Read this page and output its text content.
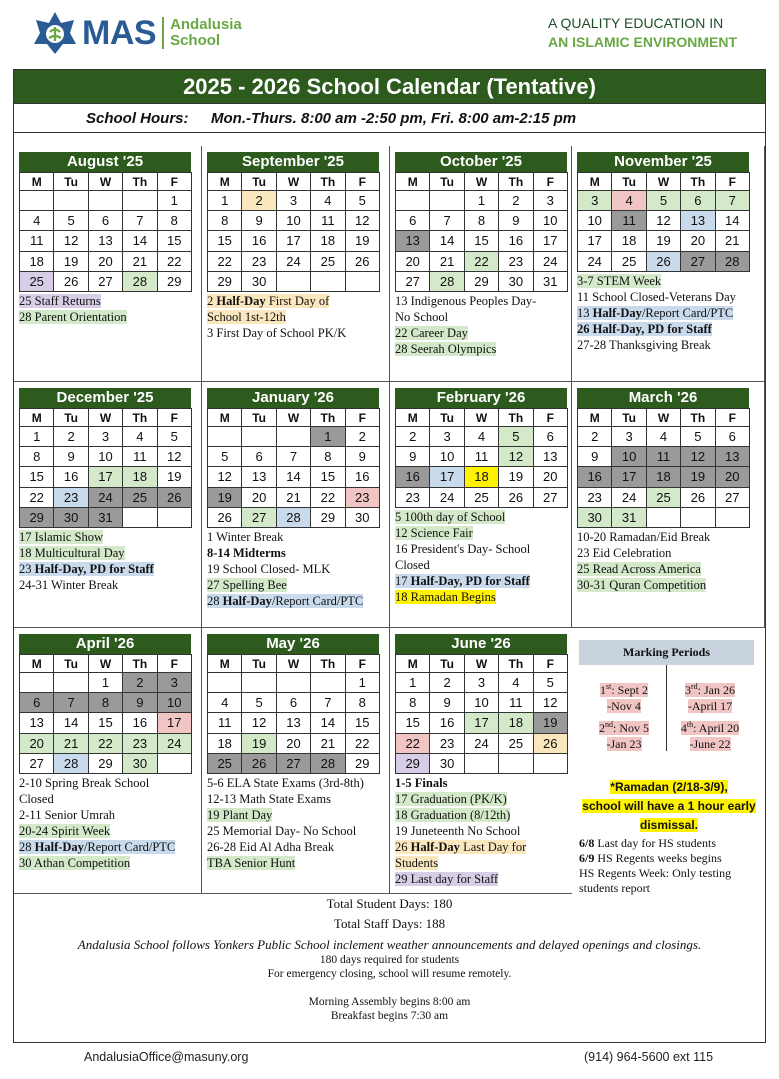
MAS Andalusia
School
A QUALITY EDUCATION IN
AN ISLAMIC ENVIRONMENT
2025 - 2026 School Calendar (Tentative)
School Hours: Mon.-Thurs. 8:00 am -2:50 pm, Fri. 8:00 am-2:15 pm
August '25
M	Tu	W	Th	F
				1
4	5	6	7	8
11	12	13	14	15
18	19	20	21	22
25	26	27	28	29
25 Staff Returns
28 Parent Orientation
September '25
M	Tu	W	Th	F
1	2	3	4	5
8	9	10	11	12
15	16	17	18	19
22	23	24	25	26
29	30			
2 Half-Day First Day of
School 1st-12th
3 First Day of School PK/K
October '25
M	Tu	W	Th	F
		1	2	3
6	7	8	9	10
13	14	15	16	17
20	21	22	23	24
27	28	29	30	31
13 Indigenous Peoples Day-
No School
22 Career Day
28 Seerah Olympics
November '25
M	Tu	W	Th	F
3	4	5	6	7
10	11	12	13	14
17	18	19	20	21
24	25	26	27	28
3-7 STEM Week
11 School Closed-Veterans Day
13 Half-Day/Report Card/PTC
26 Half-Day, PD for Staff
27-28 Thanksgiving Break
December '25
M	Tu	W	Th	F
1	2	3	4	5
8	9	10	11	12
15	16	17	18	19
22	23	24	25	26
29	30	31		
17 Islamic Show
18 Multicultural Day
23 Half-Day, PD for Staff
24-31 Winter Break
January '26
M	Tu	W	Th	F
			1	2
5	6	7	8	9
12	13	14	15	16
19	20	21	22	23
26	27	28	29	30
1 Winter Break
8-14 Midterms
19 School Closed- MLK
27 Spelling Bee
28 Half-Day/Report Card/PTC
February '26
M	Tu	W	Th	F
2	3	4	5	6
9	10	11	12	13
16	17	18	19	20
23	24	25	26	27
5 100th day of School
12 Science Fair
16 President's Day- School
Closed
17 Half-Day, PD for Staff
18 Ramadan Begins
March '26
M	Tu	W	Th	F
2	3	4	5	6
9	10	11	12	13
16	17	18	19	20
23	24	25	26	27
30	31			
10-20 Ramadan/Eid Break
23 Eid Celebration
25 Read Across America
30-31 Quran Competition
April '26
M	Tu	W	Th	F
		1	2	3
6	7	8	9	10
13	14	15	16	17
20	21	22	23	24
27	28	29	30	
2-10 Spring Break School
Closed
2-11 Senior Umrah
20-24 Spirit Week
28 Half-Day/Report Card/PTC
30 Athan Competition
May '26
M	Tu	W	Th	F
				1
4	5	6	7	8
11	12	13	14	15
18	19	20	21	22
25	26	27	28	29
5-6 ELA State Exams (3rd-8th)
12-13 Math State Exams
19 Plant Day
25 Memorial Day- No School
26-28 Eid Al Adha Break
TBA Senior Hunt
June '26
M	Tu	W	Th	F
1	2	3	4	5
8	9	10	11	12
15	16	17	18	19
22	23	24	25	26
29	30			
1-5 Finals
17 Graduation (PK/K)
18 Graduation (8/12th)
19 Juneteenth No School
26 Half-Day Last Day for
Students
29 Last day for Staff
Marking Periods
1st: Sept 2
-Nov 4
2nd: Nov 5
-Jan 23
3rd: Jan 26
-April 17
4th: April 20
-June 22
*Ramadan (2/18-3/9),
school will have a 1 hour early
dismissal.
6/8 Last day for HS students
6/9 HS Regents weeks begins
HS Regents Week: Only testing
students report
Total Student Days: 180
Total Staff Days: 188
Andalusia School follows Yonkers Public School inclement weather announcements and delayed openings and closings.
180 days required for students
For emergency closing, school will resume remotely.
Morning Assembly begins 8:00 am
Breakfast begins 7:30 am
AndalusiaOffice@masuny.org	(914) 964-5600 ext 115
